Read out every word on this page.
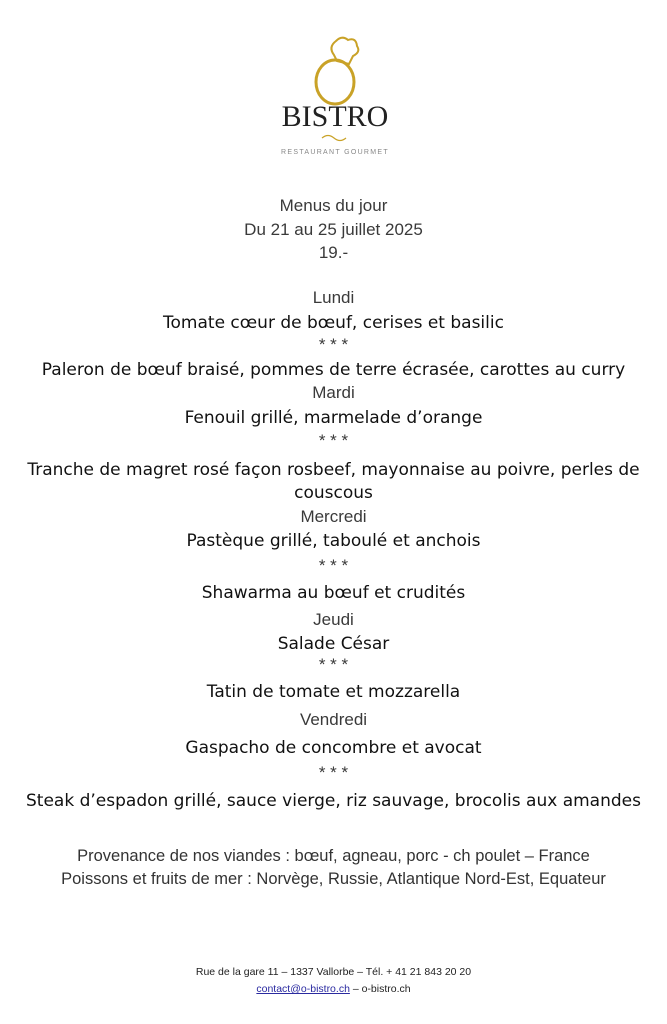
BISTRO
RESTAURANT GOURMET
Menus du jour
Du 21 au 25 juillet 2025
19.-
Lundi
Tomate cœur de bœuf, cerises et basilic
* * *
Paleron de bœuf braisé, pommes de terre écrasée, carottes au curry
Mardi
Fenouil grillé, marmelade d’orange
* * *
Tranche de magret rosé façon rosbeef, mayonnaise au poivre, perles de
couscous
Mercredi
Pastèque grillé, taboulé et anchois
* * *
Shawarma au bœuf et crudités
Jeudi
Salade César
* * *
Tatin de tomate et mozzarella
Vendredi
Gaspacho de concombre et avocat
* * *
Steak d’espadon grillé, sauce vierge, riz sauvage, brocolis aux amandes
Provenance de nos viandes : bœuf, agneau, porc - ch poulet – France
Poissons et fruits de mer : Norvège, Russie, Atlantique Nord-Est, Equateur
Rue de la gare 11 – 1337 Vallorbe – Tél. + 41 21 843 20 20
contact@o-bistro.ch – o-bistro.ch
